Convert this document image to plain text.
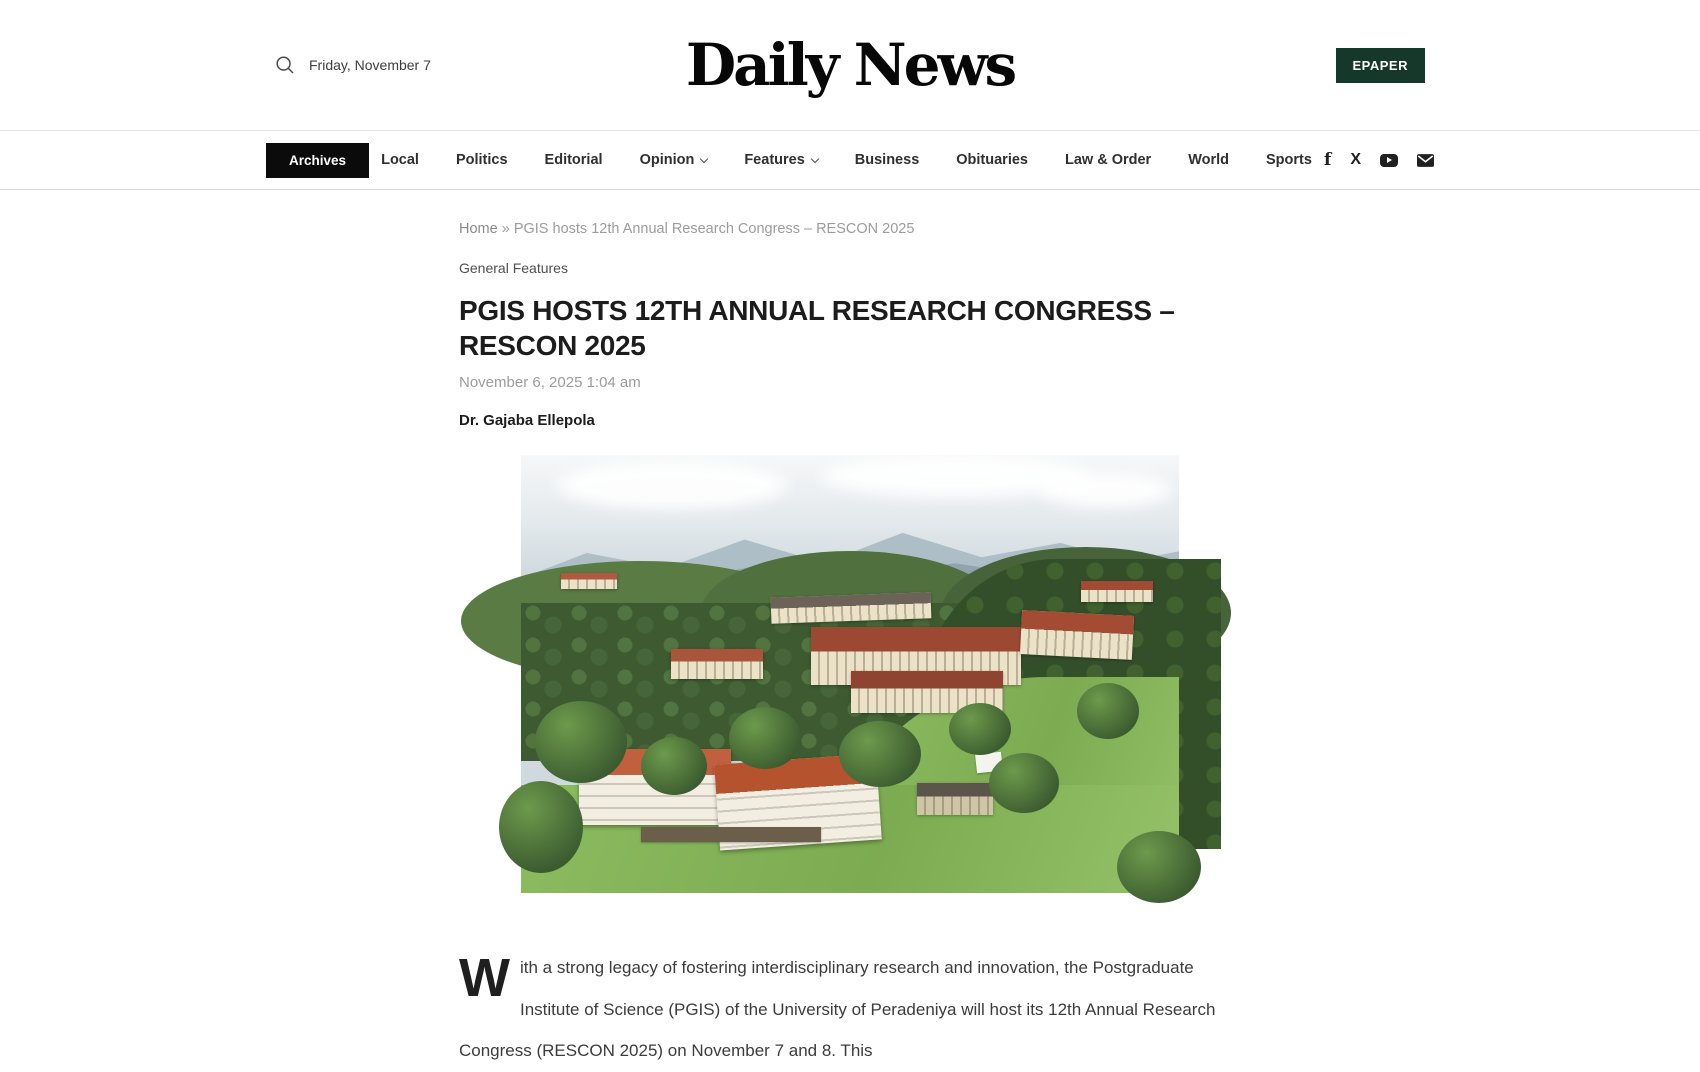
Friday, November 7	Daily News	EPAPER
Archives	Local	Politics	Editorial	Opinion	Features	Business	Obituaries	Law & Order	World	Sports f X
Home » PGIS hosts 12th Annual Research Congress – RESCON 2025
General Features
PGIS HOSTS 12TH ANNUAL RESEARCH CONGRESS – RESCON 2025
November 6, 2025 1:04 am
Dr. Gajaba Ellepola

With a strong legacy of fostering interdisciplinary research and innovation, the Postgraduate Institute of Science (PGIS) of the University of Peradeniya will host its 12th Annual Research Congress (RESCON 2025) on November 7 and 8. This
